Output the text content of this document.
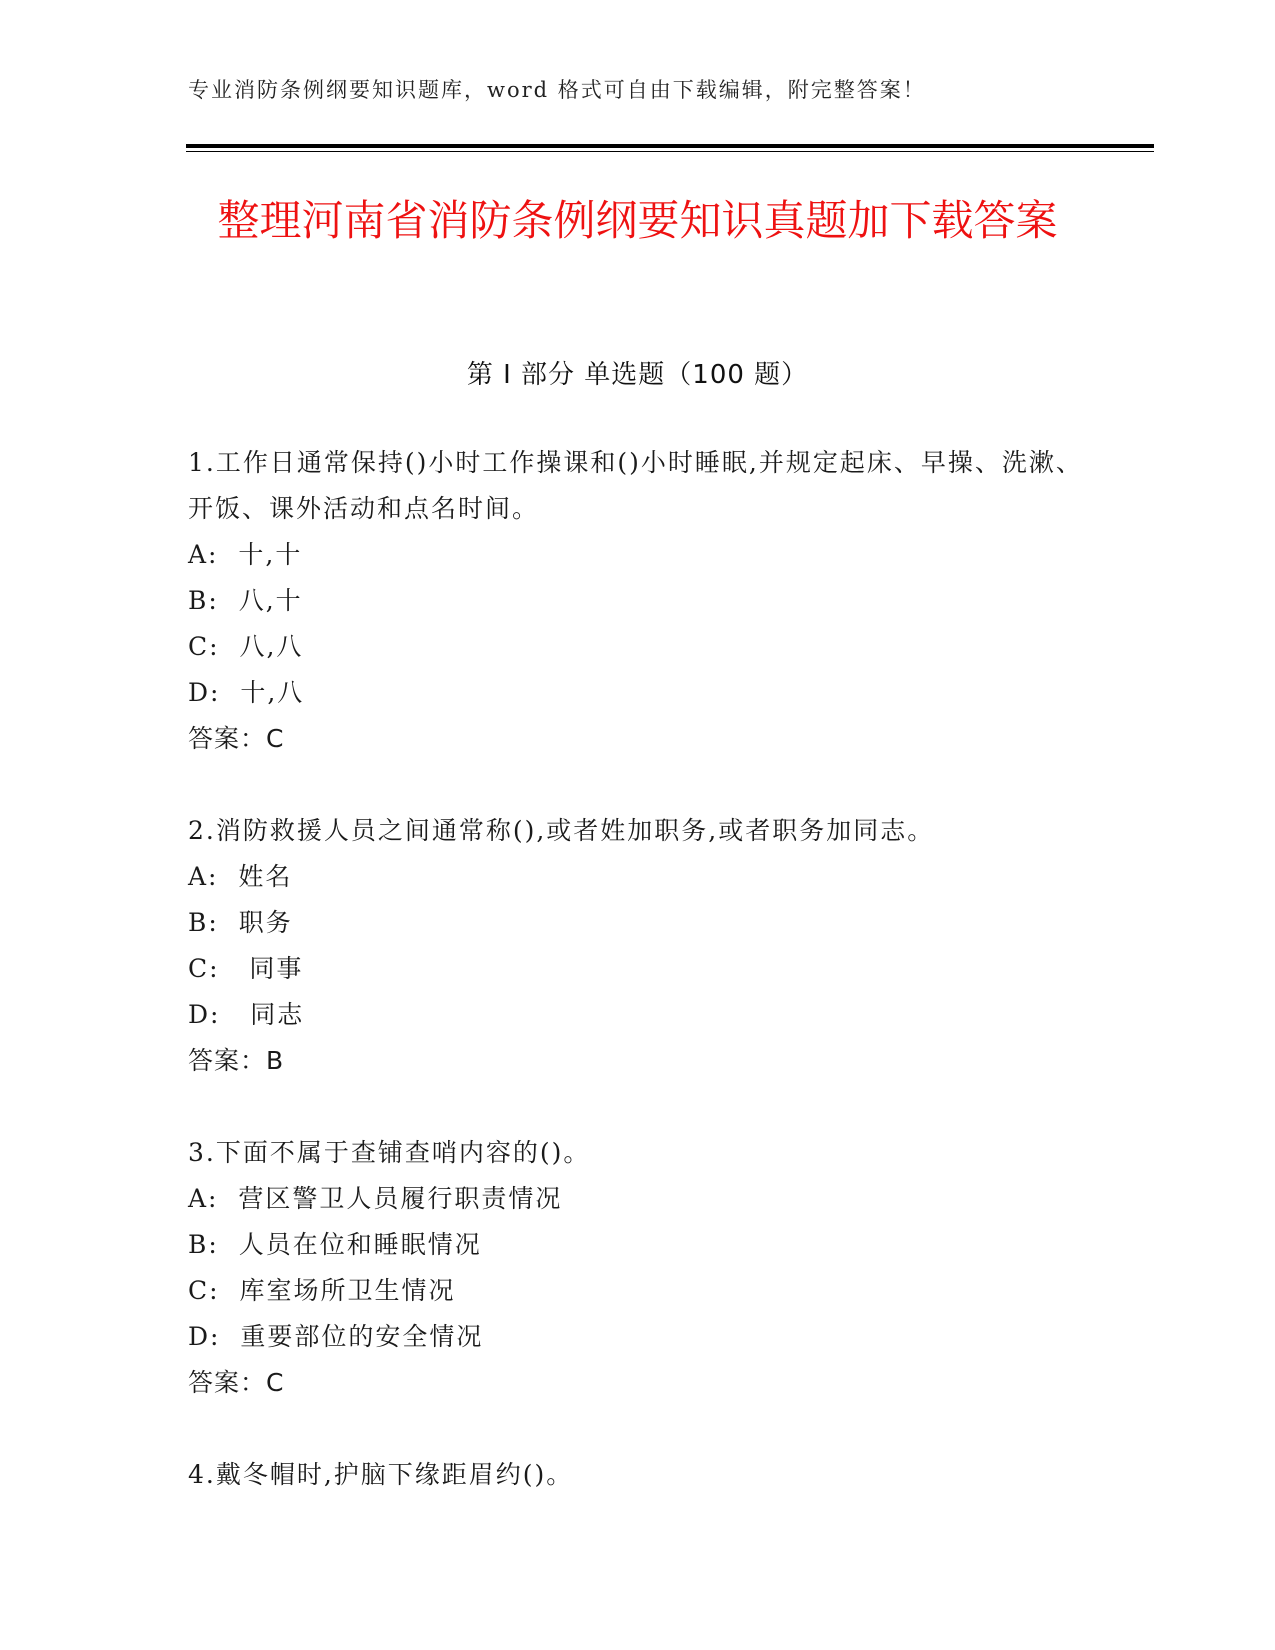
专业消防条例纲要知识题库，word 格式可自由下载编辑，附完整答案！
整理河南省消防条例纲要知识真题加下载答案
第 I 部分 单选题（100 题）

1.工作日通常保持()小时工作操课和()小时睡眠,并规定起床、早操、洗漱、开饭、课外活动和点名时间。

A:  十,十

B:  八,十

C:  八,八

D:  十,八

答案：C

2.消防救援人员之间通常称(),或者姓加职务,或者职务加同志。

A:  姓名

B:  职务

C:   同事

D:   同志

答案：B

3.下面不属于查铺查哨内容的()。

A:  营区警卫人员履行职责情况

B:  人员在位和睡眠情况

C:  库室场所卫生情况

D:  重要部位的安全情况

答案：C

4.戴冬帽时,护脑下缘距眉约()。
